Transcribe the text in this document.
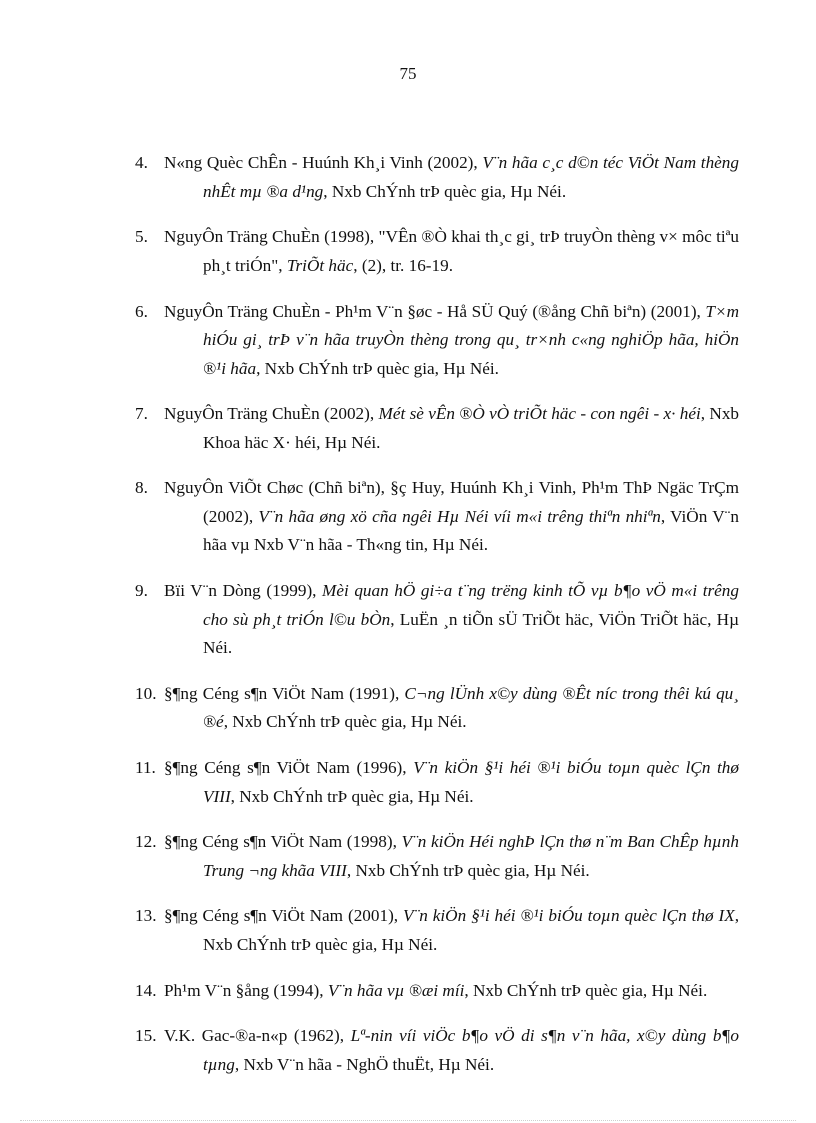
75

4. N«ng Quèc ChÊn - Huúnh Kh¸i Vinh (2002), V¨n hãa c¸c d©n téc ViÖt Nam thèng nhÊt mµ ®a d¹ng, Nxb ChÝnh trÞ quèc gia, Hµ Néi.

5. NguyÔn Träng ChuÈn (1998), "VÊn ®Ò khai th¸c gi¸ trÞ truyÒn thèng v× môc tiªu ph¸t triÓn", TriÕt häc, (2), tr. 16-19.

6. NguyÔn Träng ChuÈn - Ph¹m V¨n §øc - Hå SÜ Quý (®ång Chñ biªn) (2001), T×m hiÓu gi¸ trÞ v¨n hãa truyÒn thèng trong qu¸ tr×nh c«ng nghiÖp hãa, hiÖn ®¹i hãa, Nxb ChÝnh trÞ quèc gia, Hµ Néi.

7. NguyÔn Träng ChuÈn (2002), Mét sè vÊn ®Ò vÒ triÕt häc - con ngêi - x· héi, Nxb Khoa häc X· héi, Hµ Néi.

8. NguyÔn ViÕt Chøc (Chñ biªn), §ç Huy, Huúnh Kh¸i Vinh, Ph¹m ThÞ Ngäc TrÇm (2002), V¨n hãa øng xö cña ngêi Hµ Néi víi m«i trêng thiªn nhiªn, ViÖn V¨n hãa vµ Nxb V¨n hãa - Th«ng tin, Hµ Néi.

9. Bïi V¨n Dòng (1999), Mèi quan hÖ gi÷a t¨ng trëng kinh tÕ vµ b¶o vÖ m«i trêng cho sù ph¸t triÓn l©u bÒn, LuËn ¸n tiÕn sÜ TriÕt häc, ViÖn TriÕt häc, Hµ Néi.

10. §¶ng Céng s¶n ViÖt Nam (1991), C¬ng lÜnh x©y dùng ®Êt níc trong thêi kú qu¸ ®é, Nxb ChÝnh trÞ quèc gia, Hµ Néi.

11. §¶ng Céng s¶n ViÖt Nam (1996), V¨n kiÖn §¹i héi ®¹i biÓu toµn quèc lÇn thø VIII, Nxb ChÝnh trÞ quèc gia, Hµ Néi.

12. §¶ng Céng s¶n ViÖt Nam (1998), V¨n kiÖn Héi nghÞ lÇn thø n¨m Ban ChÊp hµnh Trung ¬ng khãa VIII, Nxb ChÝnh trÞ quèc gia, Hµ Néi.

13. §¶ng Céng s¶n ViÖt Nam (2001), V¨n kiÖn §¹i héi ®¹i biÓu toµn quèc lÇn thø IX, Nxb ChÝnh trÞ quèc gia, Hµ Néi.

14. Ph¹m V¨n §ång (1994), V¨n hãa vµ ®æi míi, Nxb ChÝnh trÞ quèc gia, Hµ Néi.

15. V.K. Gac-®a-n«p (1962), Lª-nin víi viÖc b¶o vÖ di s¶n v¨n hãa, x©y dùng b¶o tµng, Nxb V¨n hãa - NghÖ thuËt, Hµ Néi.
